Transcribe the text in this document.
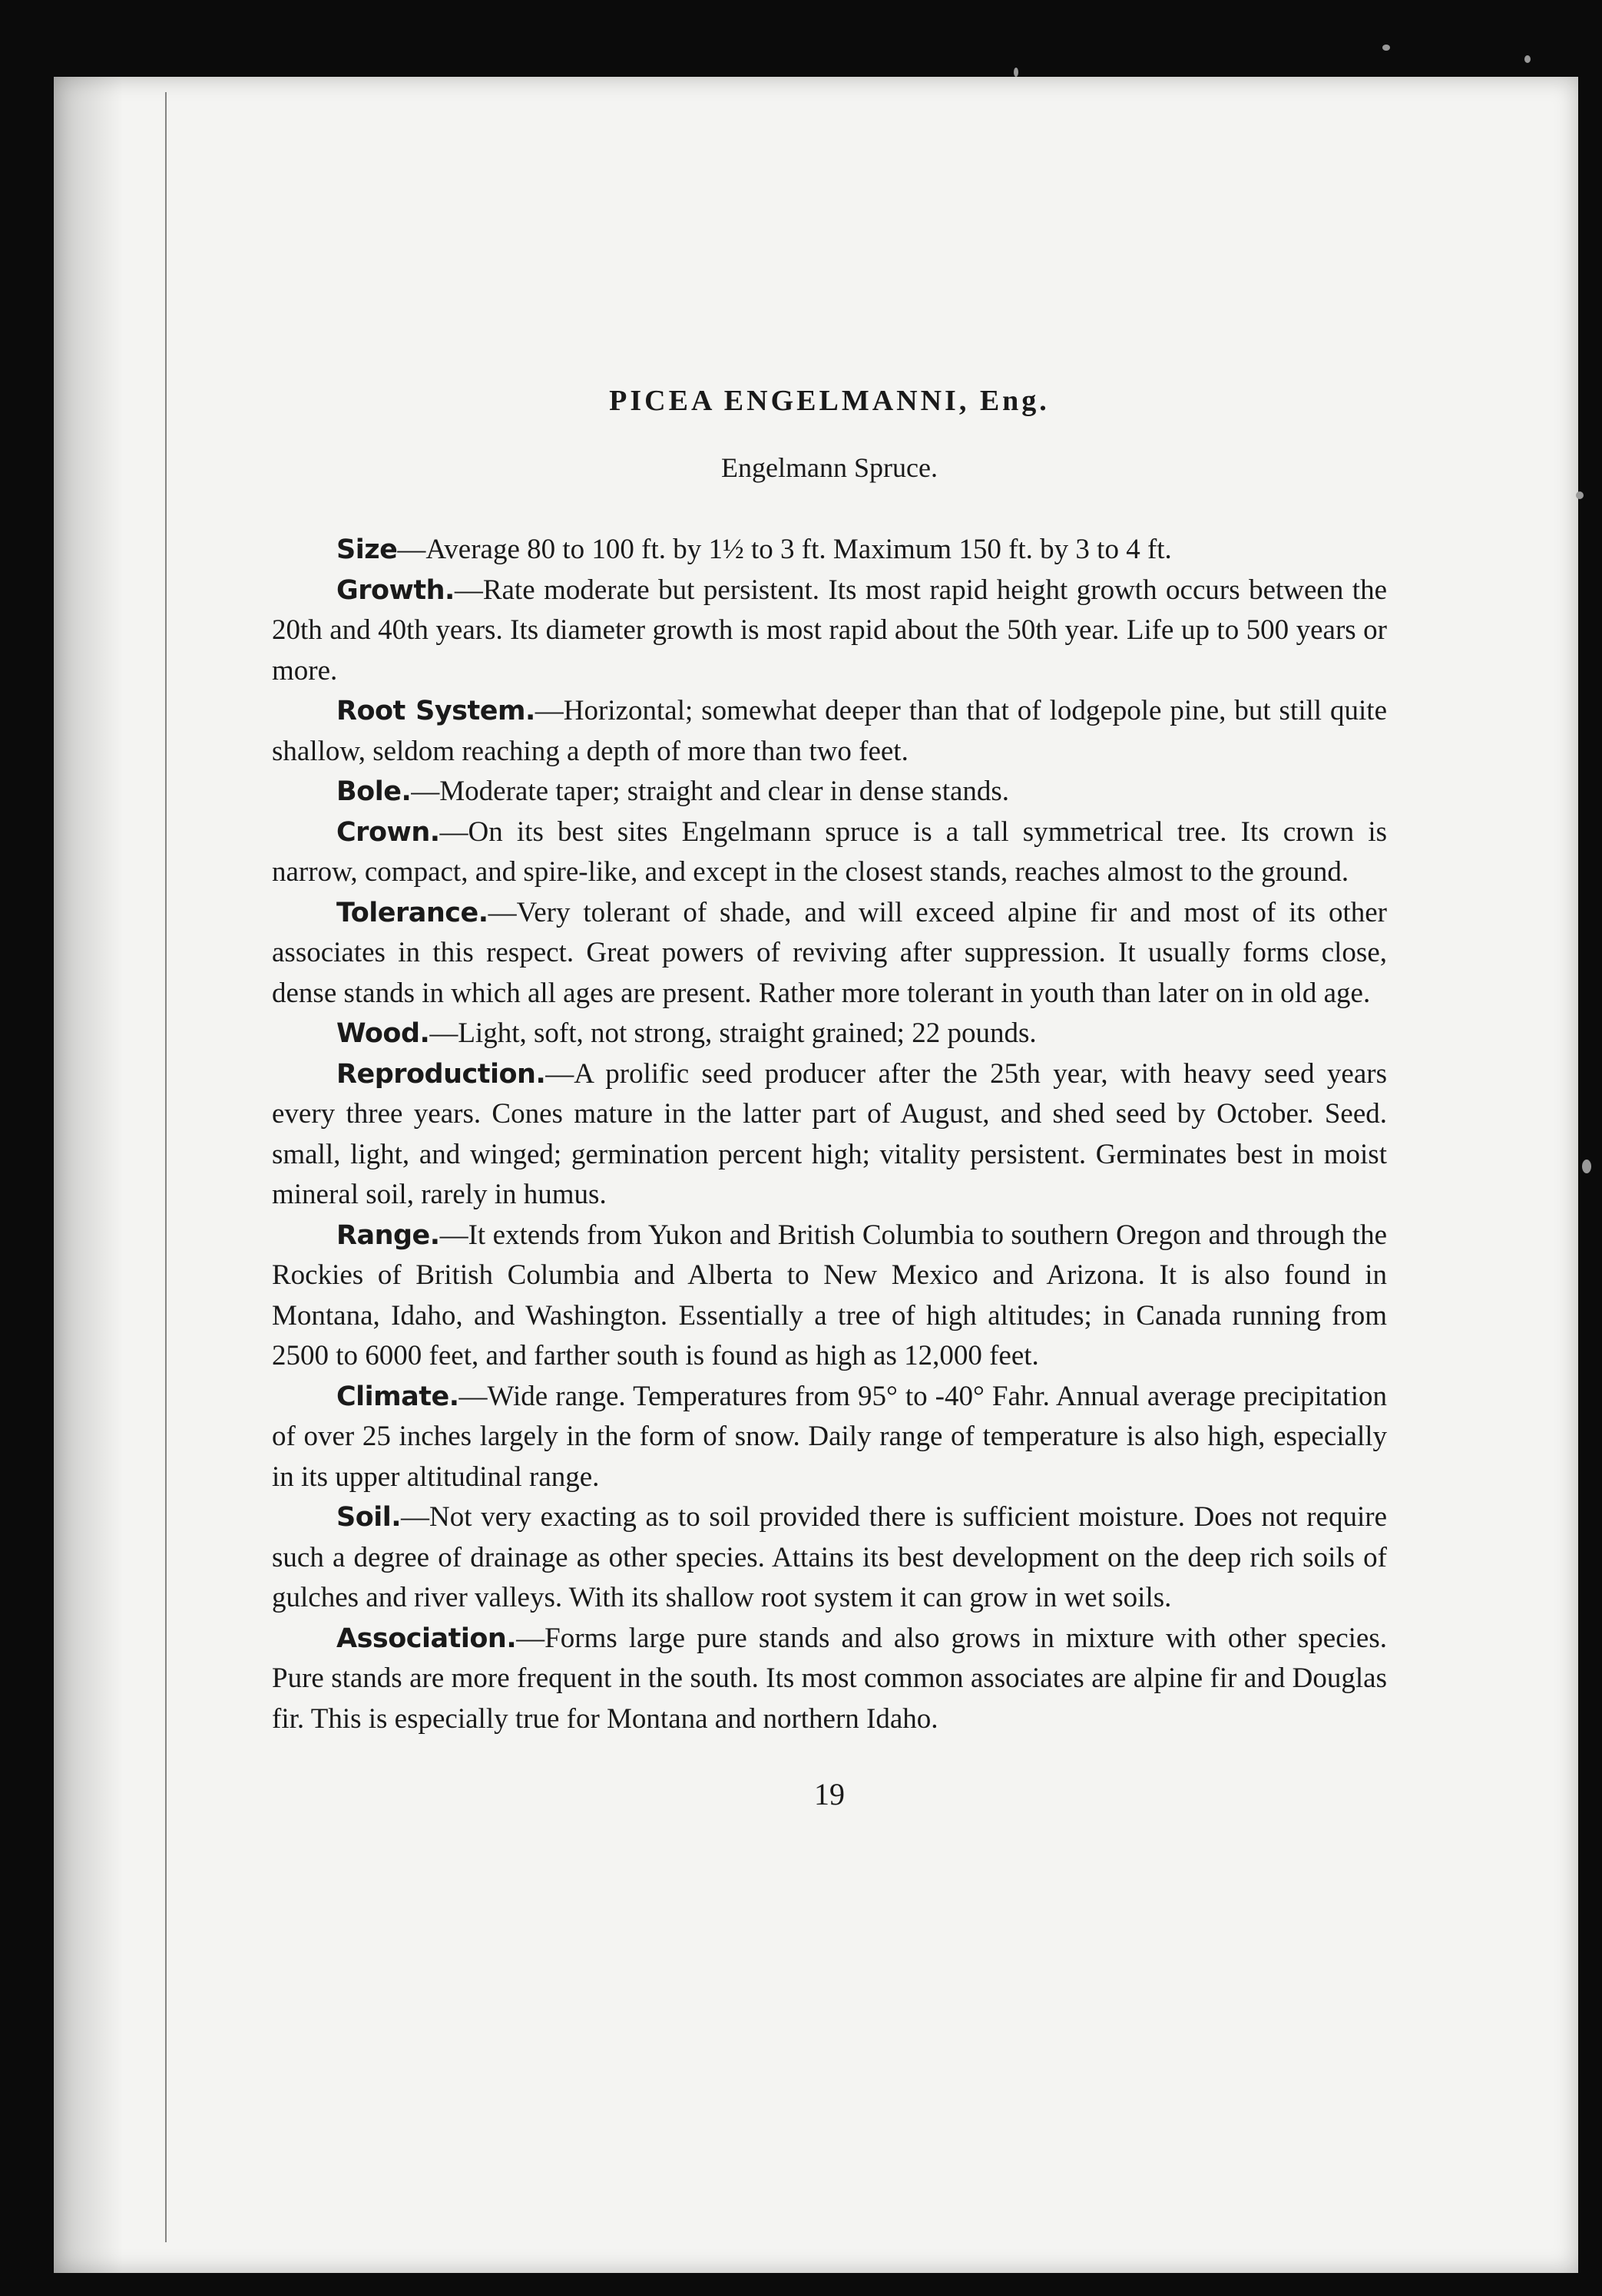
PICEA ENGELMANNI, Eng.
Engelmann Spruce.

Size—Average 80 to 100 ft. by 1½ to 3 ft. Maximum 150 ft. by 3 to 4 ft.

Growth.—Rate moderate but persistent. Its most rapid height growth occurs between the 20th and 40th years. Its diameter growth is most rapid about the 50th year. Life up to 500 years or more.

Root System.—Horizontal; somewhat deeper than that of lodgepole pine, but still quite shallow, seldom reaching a depth of more than two feet.

Bole.—Moderate taper; straight and clear in dense stands.

Crown.—On its best sites Engelmann spruce is a tall symmetrical tree. Its crown is narrow, compact, and spire-like, and except in the closest stands, reaches almost to the ground.

Tolerance.—Very tolerant of shade, and will exceed alpine fir and most of its other associates in this respect. Great powers of reviving after suppression. It usually forms close, dense stands in which all ages are present. Rather more tolerant in youth than later on in old age.

Wood.—Light, soft, not strong, straight grained; 22 pounds.

Reproduction.—A prolific seed producer after the 25th year, with heavy seed years every three years. Cones mature in the latter part of August, and shed seed by October. Seed. small, light, and winged; germination percent high; vitality persistent. Germinates best in moist mineral soil, rarely in humus.

Range.—It extends from Yukon and British Columbia to southern Oregon and through the Rockies of British Columbia and Alberta to New Mexico and Arizona. It is also found in Montana, Idaho, and Washington. Essentially a tree of high altitudes; in Canada running from 2500 to 6000 feet, and farther south is found as high as 12,000 feet.

Climate.—Wide range. Temperatures from 95° to -40° Fahr. Annual average precipitation of over 25 inches largely in the form of snow. Daily range of temperature is also high, especially in its upper altitudinal range.

Soil.—Not very exacting as to soil provided there is sufficient moisture. Does not require such a degree of drainage as other species. Attains its best development on the deep rich soils of gulches and river valleys. With its shallow root system it can grow in wet soils.

Association.—Forms large pure stands and also grows in mixture with other species. Pure stands are more frequent in the south. Its most common associates are alpine fir and Douglas fir. This is especially true for Montana and northern Idaho.

19
